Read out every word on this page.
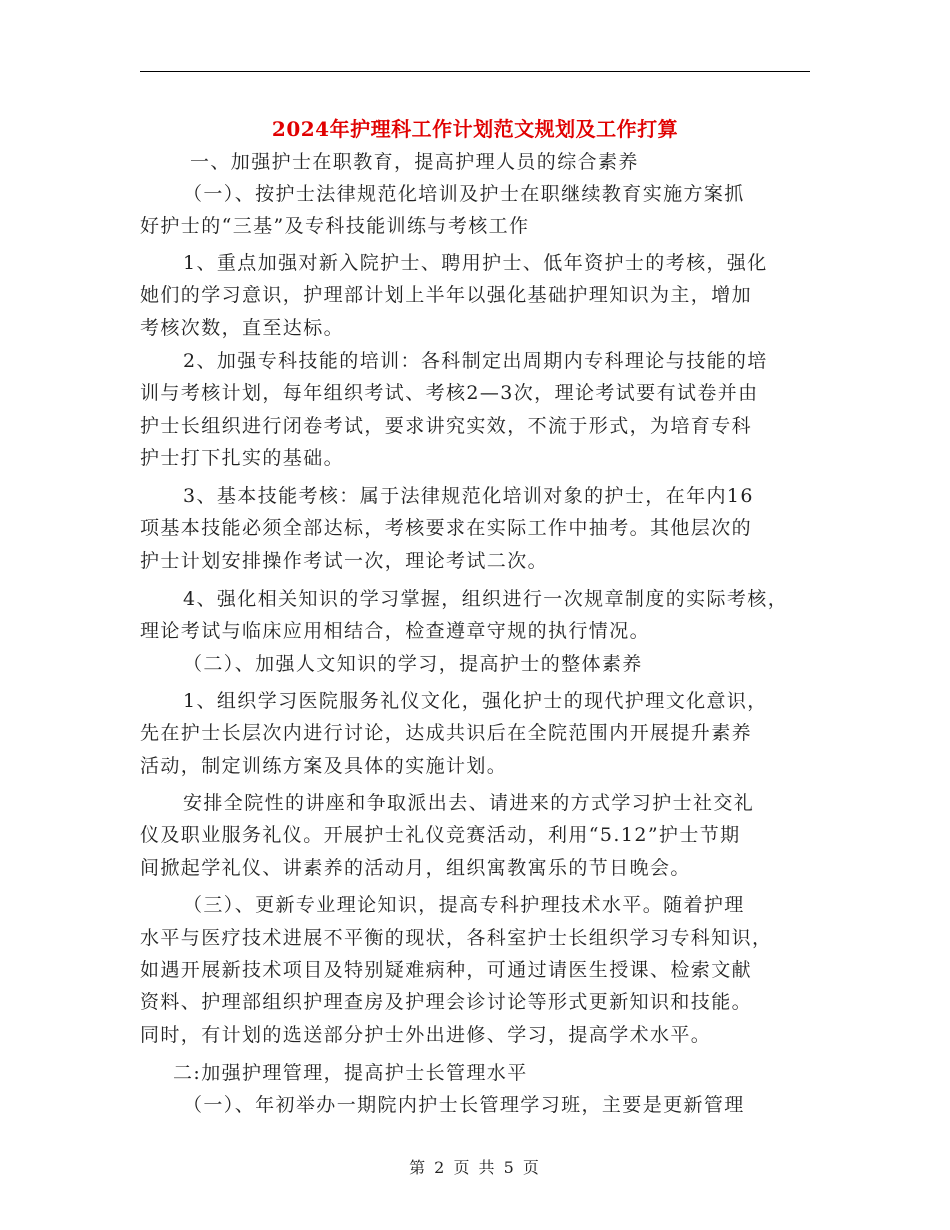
2024年护理科工作计划范文规划及工作打算
一、加强护士在职教育，提高护理人员的综合素养
（一）、按护士法律规范化培训及护士在职继续教育实施方案抓
好护士的“三基”及专科技能训练与考核工作
1、重点加强对新入院护士、聘用护士、低年资护士的考核，强化
她们的学习意识，护理部计划上半年以强化基础护理知识为主，增加
考核次数，直至达标。
2、加强专科技能的培训：各科制定出周期内专科理论与技能的培
训与考核计划，每年组织考试、考核2—3次，理论考试要有试卷并由
护士长组织进行闭卷考试，要求讲究实效，不流于形式，为培育专科
护士打下扎实的基础。
3、基本技能考核：属于法律规范化培训对象的护士，在年内16
项基本技能必须全部达标，考核要求在实际工作中抽考。其他层次的
护士计划安排操作考试一次，理论考试二次。
4、强化相关知识的学习掌握，组织进行一次规章制度的实际考核，
理论考试与临床应用相结合，检查遵章守规的执行情况。
（二）、加强人文知识的学习，提高护士的整体素养
1、组织学习医院服务礼仪文化，强化护士的现代护理文化意识，
先在护士长层次内进行讨论，达成共识后在全院范围内开展提升素养
活动，制定训练方案及具体的实施计划。
安排全院性的讲座和争取派出去、请进来的方式学习护士社交礼
仪及职业服务礼仪。开展护士礼仪竞赛活动，利用“5.12”护士节期
间掀起学礼仪、讲素养的活动月，组织寓教寓乐的节日晚会。
（三）、更新专业理论知识，提高专科护理技术水平。随着护理
水平与医疗技术进展不平衡的现状，各科室护士长组织学习专科知识，
如遇开展新技术项目及特别疑难病种，可通过请医生授课、检索文献
资料、护理部组织护理查房及护理会诊讨论等形式更新知识和技能。
同时，有计划的选送部分护士外出进修、学习，提高学术水平。
二:加强护理管理，提高护士长管理水平
（一）、年初举办一期院内护士长管理学习班，主要是更新管理
第 2 页 共 5 页
